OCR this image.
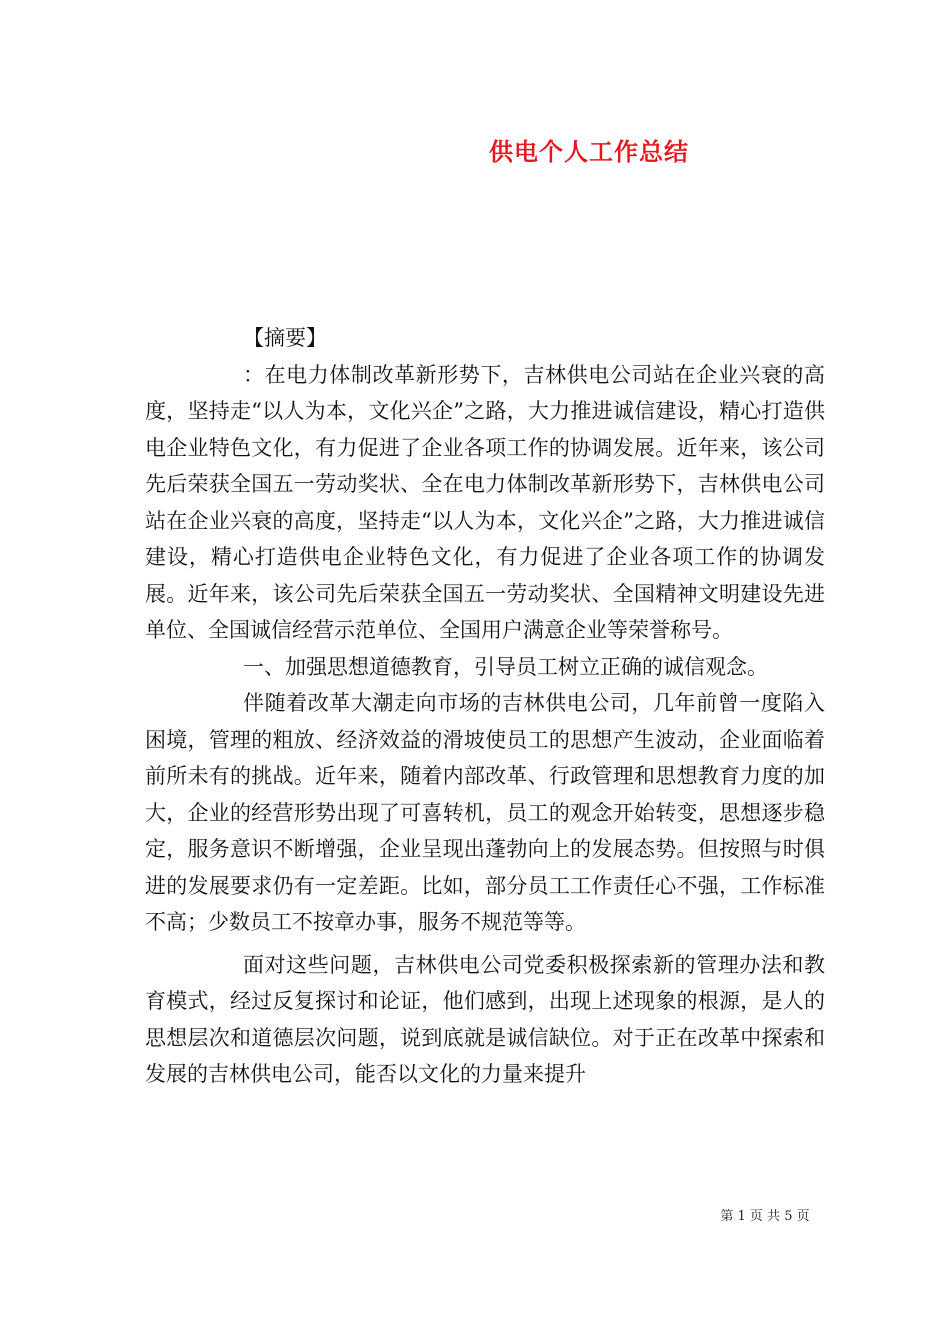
供电个人工作总结

【摘要】

：在电力体制改革新形势下，吉林供电公司站在企业兴衰的高度，坚持走“以人为本，文化兴企”之路，大力推进诚信建设，精心打造供电企业特色文化，有力促进了企业各项工作的协调发展。近年来，该公司先后荣获全国五一劳动奖状、全在电力体制改革新形势下，吉林供电公司站在企业兴衰的高度，坚持走“以人为本，文化兴企”之路，大力推进诚信建设，精心打造供电企业特色文化，有力促进了企业各项工作的协调发展。近年来，该公司先后荣获全国五一劳动奖状、全国精神文明建设先进单位、全国诚信经营示范单位、全国用户满意企业等荣誉称号。

一、加强思想道德教育，引导员工树立正确的诚信观念。

伴随着改革大潮走向市场的吉林供电公司，几年前曾一度陷入困境，管理的粗放、经济效益的滑坡使员工的思想产生波动，企业面临着前所未有的挑战。近年来，随着内部改革、行政管理和思想教育力度的加大，企业的经营形势出现了可喜转机，员工的观念开始转变，思想逐步稳定，服务意识不断增强，企业呈现出蓬勃向上的发展态势。但按照与时俱进的发展要求仍有一定差距。比如，部分员工工作责任心不强，工作标准不高；少数员工不按章办事，服务不规范等等。

面对这些问题，吉林供电公司党委积极探索新的管理办法和教育模式，经过反复探讨和论证，他们感到，出现上述现象的根源，是人的思想层次和道德层次问题，说到底就是诚信缺位。对于正在改革中探索和发展的吉林供电公司，能否以文化的力量来提升

第 1 页 共 5 页
